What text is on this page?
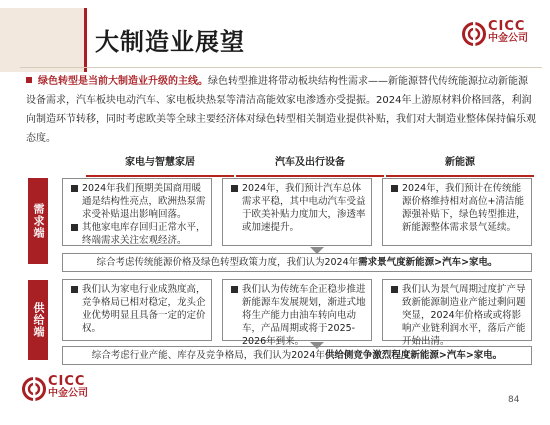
大制造业展望
CICC
中金公司
绿色转型是当前大制造业升级的主线。绿色转型推进将带动板块结构性需求——新能源替代传统能源拉动新能源设备需求，汽车板块电动汽车、家电板块热泵等清洁高能效家电渗透亦受提振。2024年上游原材料价格回落，利润向制造环节转移，同时考虑欧美等全球主要经济体对绿色转型相关制造业提供补贴，我们对大制造业整体保持偏乐观态度。
家电与智慧家居	汽车及出行设备	新能源
需求端
2024年我们预期美国商用暖通是结构性亮点，欧洲热泵需求受补贴退出影响回落。
其他家电库存回归正常水平，终端需求关注宏观经济。
2024年，我们预计汽车总体需求平稳，其中电动汽车受益于欧美补贴力度加大，渗透率或加速提升。
2024年，我们预计在传统能源价格维持相对高位+清洁能源强补贴下，绿色转型推进，新能源整体需求景气延续。
综合考虑传统能源价格及绿色转型政策力度，我们认为2024年需求景气度新能源>汽车>家电。
供给端
我们认为家电行业成熟度高，竞争格局已相对稳定，龙头企业优势明显且具备一定的定价权。
我们认为传统车企正稳步推进新能源车发展规划，渐进式地将生产能力由油车转向电动车，产品周期或将于2025-2026年到来。
我们认为景气周期过度扩产导致新能源制造业产能过剩问题突显，2024年价格或或将影响产业链利润水平，落后产能开始出清。
综合考虑行业产能、库存及竞争格局，我们认为2024年供给侧竞争激烈程度新能源>汽车>家电。
CICC
中金公司
84
